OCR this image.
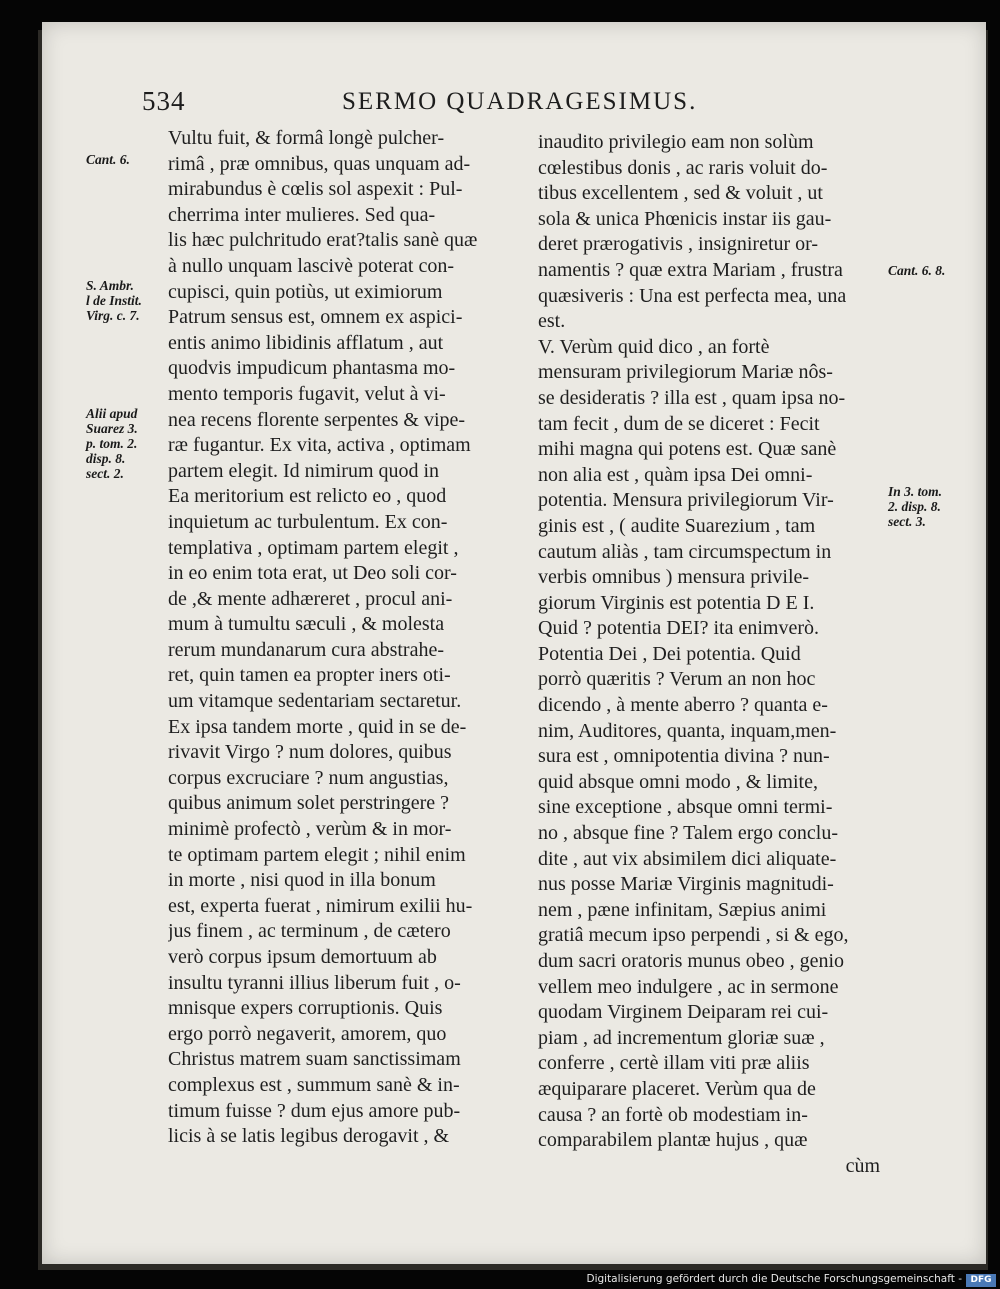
534	SERMO QUADRAGESIMUS.
Vultu fuit, & formâ longè pulcher-
rimâ , præ omnibus, quas unquam ad-
mirabundus è cœlis sol aspexit : Pul-
cherrima inter mulieres. Sed qua-
lis hæc pulchritudo erat?talis sanè quæ
à nullo unquam lascivè poterat con-
cupisci, quin potiùs, ut eximiorum
Patrum sensus est, omnem ex aspici-
entis animo libidinis afflatum , aut
quodvis impudicum phantasma mo-
mento temporis fugavit, velut à vi-
nea recens florente serpentes & vipe-
ræ fugantur. Ex vita, activa , optimam
partem elegit. Id nimirum quod in
Ea meritorium est relicto eo , quod
inquietum ac turbulentum. Ex con-
templativa , optimam partem elegit ,
in eo enim tota erat, ut Deo soli cor-
de ,& mente adhæreret , procul ani-
mum à tumultu sæculi , & molesta
rerum mundanarum cura abstrahe-
ret, quin tamen ea propter iners oti-
um vitamque sedentariam sectaretur.
Ex ipsa tandem morte , quid in se de-
rivavit Virgo ? num dolores, quibus
corpus excruciare ? num angustias,
quibus animum solet perstringere ?
minimè profectò , verùm & in mor-
te optimam partem elegit ; nihil enim
in morte , nisi quod in illa bonum
est, experta fuerat , nimirum exilii hu-
jus finem , ac terminum , de cætero
verò corpus ipsum demortuum ab
insultu tyranni illius liberum fuit , o-
mnisque expers corruptionis. Quis
ergo porrò negaverit, amorem, quo
Christus matrem suam sanctissimam
complexus est , summum sanè & in-
timum fuisse ? dum ejus amore pub-
licis à se latis legibus derogavit , &
inaudito privilegio eam non solùm
cœlestibus donis , ac raris voluit do-
tibus excellentem , sed & voluit , ut
sola & unica Phœnicis instar iis gau-
deret prærogativis , insigniretur or-
namentis ? quæ extra Mariam , frustra
quæsiveris : Una est perfecta mea, una
est.
V. Verùm quid dico , an fortè
mensuram privilegiorum Mariæ nôs-
se desideratis ? illa est , quam ipsa no-
tam fecit , dum de se diceret : Fecit
mihi magna qui potens est. Quæ sanè
non alia est , quàm ipsa Dei omni-
potentia. Mensura privilegiorum Vir-
ginis est , ( audite Suarezium , tam
cautum aliàs , tam circumspectum in
verbis omnibus ) mensura privile-
giorum Virginis est potentia D E I.
Quid ? potentia DEI? ita enimverò.
Potentia Dei , Dei potentia. Quid
porrò quæritis ? Verum an non hoc
dicendo , à mente aberro ? quanta e-
nim, Auditores, quanta, inquam,men-
sura est , omnipotentia divina ? nun-
quid absque omni modo , & limite,
sine exceptione , absque omni termi-
no , absque fine ? Talem ergo conclu-
dite , aut vix absimilem dici aliquate-
nus posse Mariæ Virginis magnitudi-
nem , pæne infinitam, Sæpius animi
gratiâ mecum ipso perpendi , si & ego,
dum sacri oratoris munus obeo , genio
vellem meo indulgere , ac in sermone
quodam Virginem Deiparam rei cui-
piam , ad incrementum gloriæ suæ ,
conferre , certè illam viti præ aliis
æquiparare placeret. Verùm qua de
causa ? an fortè ob modestiam in-
comparabilem plantæ hujus , quæ
cùm
Cant. 6.
S. Ambr.
l de Instit.
Virg. c. 7.
Alii apud
Suarez 3.
p. tom. 2.
disp. 8.
sect. 2.
Cant. 6. 8.
In 3. tom.
2. disp. 8.
sect. 3.
Digitalisierung gefördert durch die Deutsche Forschungsgemeinschaft - DFG
